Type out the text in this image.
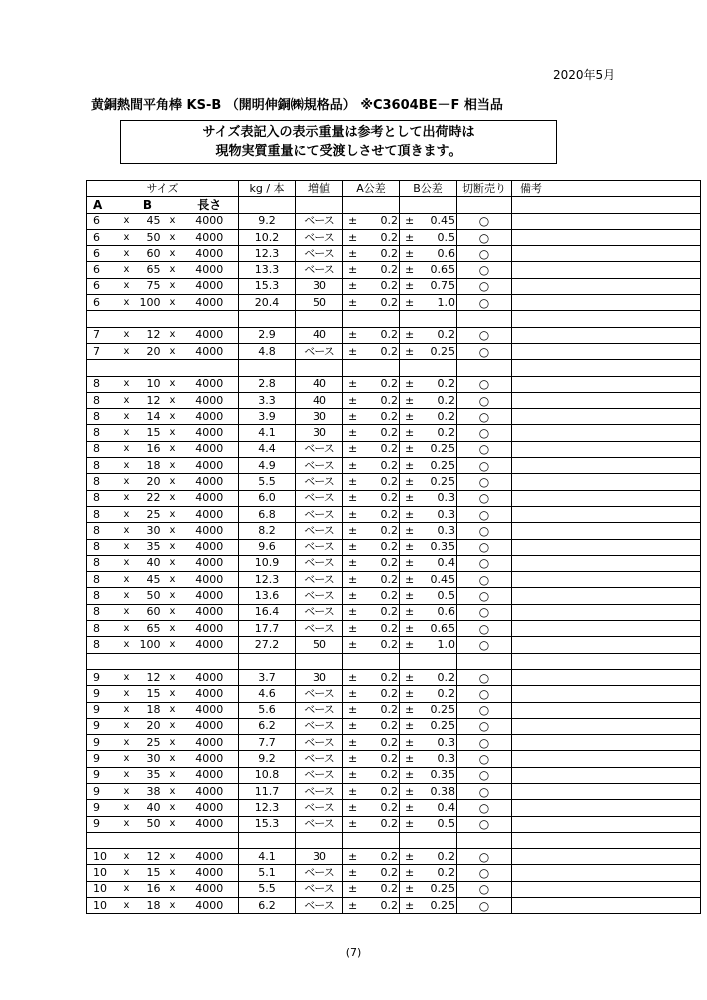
2020年5月
黄銅熱間平角棒 KS-B （開明伸銅㈱規格品） ※C3604BE－F 相当品
サイズ表記入の表示重量は参考として出荷時は
現物実質重量にて受渡しさせて頂きます。
サイズ					kg / 本	増値	A公差	B公差	切断売り	備考
A		B		長さ						
6	x	45	x	4000	9.2	ベース	± 0.2	± 0.45	○	
6	x	50	x	4000	10.2	ベース	± 0.2	± 0.5	○	
6	x	60	x	4000	12.3	ベース	± 0.2	± 0.6	○	
6	x	65	x	4000	13.3	ベース	± 0.2	± 0.65	○	
6	x	75	x	4000	15.3	30	± 0.2	± 0.75	○	
6	x	100	x	4000	20.4	50	± 0.2	± 1.0	○	

7	x	12	x	4000	2.9	40	± 0.2	± 0.2	○	
7	x	20	x	4000	4.8	ベース	± 0.2	± 0.25	○	

8	x	10	x	4000	2.8	40	± 0.2	± 0.2	○	
8	x	12	x	4000	3.3	40	± 0.2	± 0.2	○	
8	x	14	x	4000	3.9	30	± 0.2	± 0.2	○	
8	x	15	x	4000	4.1	30	± 0.2	± 0.2	○	
8	x	16	x	4000	4.4	ベース	± 0.2	± 0.25	○	
8	x	18	x	4000	4.9	ベース	± 0.2	± 0.25	○	
8	x	20	x	4000	5.5	ベース	± 0.2	± 0.25	○	
8	x	22	x	4000	6.0	ベース	± 0.2	± 0.3	○	
8	x	25	x	4000	6.8	ベース	± 0.2	± 0.3	○	
8	x	30	x	4000	8.2	ベース	± 0.2	± 0.3	○	
8	x	35	x	4000	9.6	ベース	± 0.2	± 0.35	○	
8	x	40	x	4000	10.9	ベース	± 0.2	± 0.4	○	
8	x	45	x	4000	12.3	ベース	± 0.2	± 0.45	○	
8	x	50	x	4000	13.6	ベース	± 0.2	± 0.5	○	
8	x	60	x	4000	16.4	ベース	± 0.2	± 0.6	○	
8	x	65	x	4000	17.7	ベース	± 0.2	± 0.65	○	
8	x	100	x	4000	27.2	50	± 0.2	± 1.0	○	

9	x	12	x	4000	3.7	30	± 0.2	± 0.2	○	
9	x	15	x	4000	4.6	ベース	± 0.2	± 0.2	○	
9	x	18	x	4000	5.6	ベース	± 0.2	± 0.25	○	
9	x	20	x	4000	6.2	ベース	± 0.2	± 0.25	○	
9	x	25	x	4000	7.7	ベース	± 0.2	± 0.3	○	
9	x	30	x	4000	9.2	ベース	± 0.2	± 0.3	○	
9	x	35	x	4000	10.8	ベース	± 0.2	± 0.35	○	
9	x	38	x	4000	11.7	ベース	± 0.2	± 0.38	○	
9	x	40	x	4000	12.3	ベース	± 0.2	± 0.4	○	
9	x	50	x	4000	15.3	ベース	± 0.2	± 0.5	○	

10	x	12	x	4000	4.1	30	± 0.2	± 0.2	○	
10	x	15	x	4000	5.1	ベース	± 0.2	± 0.2	○	
10	x	16	x	4000	5.5	ベース	± 0.2	± 0.25	○	
10	x	18	x	4000	6.2	ベース	± 0.2	± 0.25	○	
(7)
